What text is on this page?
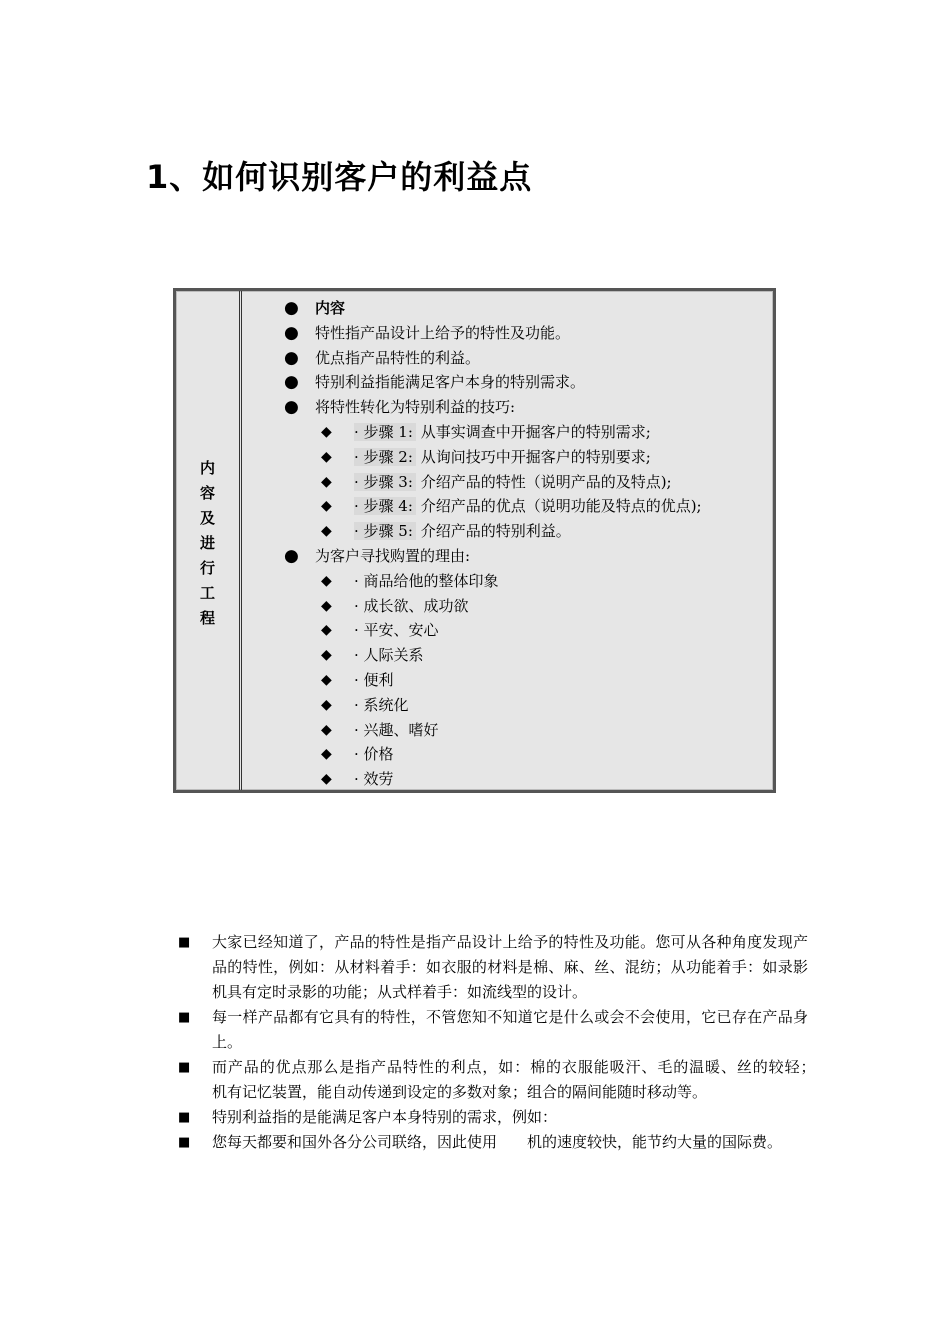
1、如何识别客户的利益点
内
容
及
进
行
工
程
● 内容
● 特性指产品设计上给予的特性及功能。
● 优点指产品特性的利益。
● 特别利益指能满足客户本身的特别需求。
● 将特性转化为特别利益的技巧:
◆ · 步骤 1: 从事实调查中开掘客户的特别需求;
◆ · 步骤 2: 从询问技巧中开掘客户的特别要求;
◆ · 步骤 3: 介绍产品的特性（说明产品的及特点);
◆ · 步骤 4: 介绍产品的优点（说明功能及特点的优点);
◆ · 步骤 5: 介绍产品的特别利益。
● 为客户寻找购置的理由:
◆ · 商品给他的整体印象
◆ · 成长欲、成功欲
◆ · 平安、安心
◆ · 人际关系
◆ · 便利
◆ · 系统化
◆ · 兴趣、嗜好
◆ · 价格
◆ · 效劳
■ 大家已经知道了，产品的特性是指产品设计上给予的特性及功能。您可从各种角度发现产品的特性，例如：从材料着手：如衣服的材料是棉、麻、丝、混纺；从功能着手：如录影机具有定时录影的功能；从式样着手：如流线型的设计。
■ 每一样产品都有它具有的特性，不管您知不知道它是什么或会不会使用，它已存在产品身上。
■ 而产品的优点那么是指产品特性的利点，如：棉的衣服能吸汗、毛的温暖、丝的较轻；　　机有记忆装置，能自动传递到设定的多数对象；组合的隔间能随时移动等。
■ 特别利益指的是能满足客户本身特别的需求，例如：
■ 您每天都要和国外各分公司联络，因此使用　　机的速度较快，能节约大量的国际费。
